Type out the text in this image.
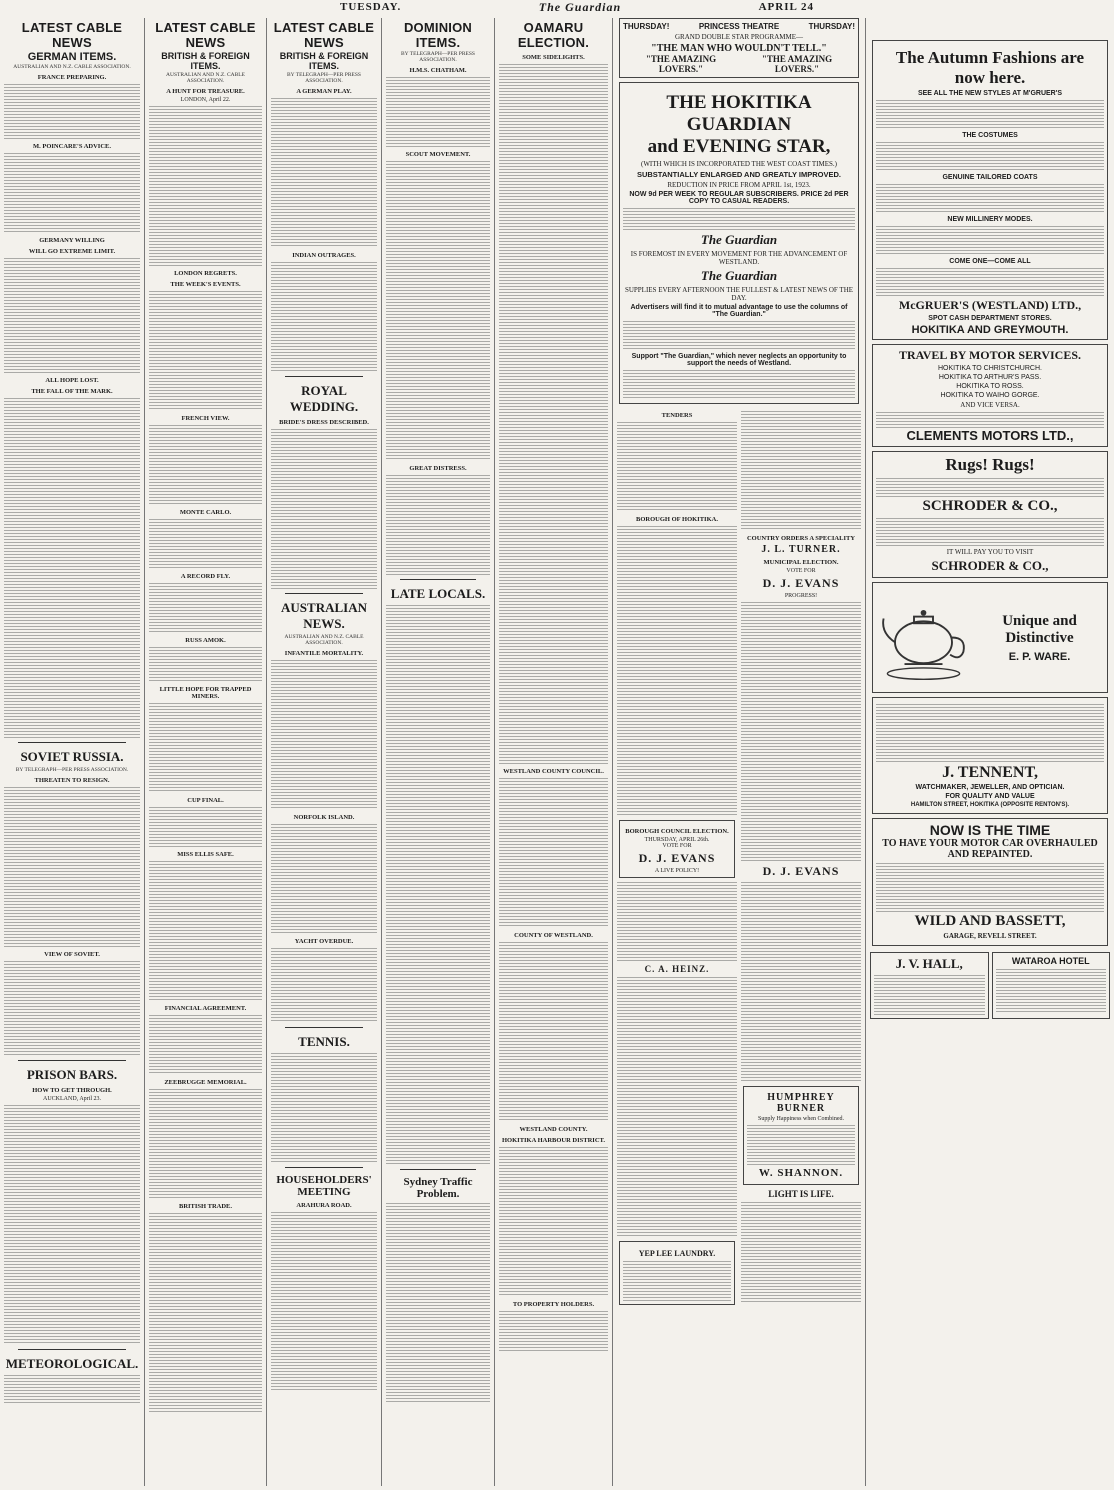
TUESDAY.	The Guardian	APRIL 24
LATEST CABLE NEWS
GERMAN ITEMS.
AUSTRALIAN AND N.Z. CABLE ASSOCIATION.
FRANCE PREPARING.
M. POINCARE'S ADVICE.
GERMANY WILLING
WILL GO EXTREME LIMIT.
ALL HOPE LOST.
THE FALL OF THE MARK.
SOVIET RUSSIA.
BY TELEGRAPH—PER PRESS ASSOCIATION.
THREATEN TO RESIGN.
VIEW OF SOVIET.
PRISON BARS.
HOW TO GET THROUGH.
AUCKLAND, April 23.
METEOROLOGICAL.
LATEST CABLE NEWS
BRITISH & FOREIGN ITEMS.
AUSTRALIAN AND N.Z. CABLE ASSOCIATION.
A HUNT FOR TREASURE.
LONDON, April 22.
LONDON REGRETS.
THE WEEK'S EVENTS.
FRENCH VIEW.
MONTE CARLO.
A RECORD FLY.
RUSS AMOK.
LITTLE HOPE FOR TRAPPED MINERS.
CUP FINAL.
MISS ELLIS SAFE.
FINANCIAL AGREEMENT.
ZEEBRUGGE MEMORIAL.
BRITISH TRADE.
LATEST CABLE NEWS
BRITISH & FOREIGN ITEMS.
BY TELEGRAPH—PER PRESS ASSOCIATION.
A GERMAN PLAY.
INDIAN OUTRAGES.
ROYAL WEDDING.
BRIDE'S DRESS DESCRIBED.
AUSTRALIAN NEWS.
AUSTRALIAN AND N.Z. CABLE ASSOCIATION.
INFANTILE MORTALITY.
NORFOLK ISLAND.
YACHT OVERDUE.
TENNIS.
HOUSEHOLDERS' MEETING
ARAHURA ROAD.
DOMINION ITEMS.
BY TELEGRAPH—PER PRESS ASSOCIATION.
H.M.S. CHATHAM.
SCOUT MOVEMENT.
GREAT DISTRESS.
LATE LOCALS.
Sydney Traffic Problem.
OAMARU ELECTION.
SOME SIDELIGHTS.
WESTLAND COUNTY COUNCIL.
COUNTY OF WESTLAND.
WESTLAND COUNTY.
HOKITIKA HARBOUR DISTRICT.
TO PROPERTY HOLDERS.
THURSDAY!	PRINCESS THEATRE	THURSDAY!
GRAND DOUBLE STAR PROGRAMME—
"THE MAN WHO WOULDN'T TELL."
"THE AMAZING LOVERS."
"THE AMAZING LOVERS."
THE HOKITIKA GUARDIAN
and EVENING STAR,
(WITH WHICH IS INCORPORATED THE WEST COAST TIMES.)
SUBSTANTIALLY ENLARGED AND GREATLY IMPROVED.
REDUCTION IN PRICE FROM APRIL 1st, 1923.
NOW 9d PER WEEK TO REGULAR SUBSCRIBERS. PRICE 2d PER COPY TO CASUAL READERS.
The Guardian
IS FOREMOST IN EVERY MOVEMENT FOR THE ADVANCEMENT OF WESTLAND.
The Guardian
SUPPLIES EVERY AFTERNOON THE FULLEST & LATEST NEWS OF THE DAY.
Advertisers will find it to mutual advantage to use the columns of "The Guardian."
Support "The Guardian," which never neglects an opportunity to support the needs of Westland.
TENDERS
BOROUGH OF HOKITIKA.
BOROUGH COUNCIL ELECTION.
THURSDAY, APRIL 26th.
VOTE FOR
D. J. EVANS
A LIVE POLICY!
C. A. HEINZ.
YEP LEE LAUNDRY.
COUNTRY ORDERS A SPECIALITY
J. L. TURNER.
MUNICIPAL ELECTION.
VOTE FOR
D. J. EVANS
PROGRESS!
D. J. EVANS
HUMPHREY BURNER
Supply Happiness when Combined.
W. SHANNON.
LIGHT IS LIFE.
The Autumn Fashions are
now here.
SEE ALL THE NEW STYLES AT M'GRUER'S
THE COSTUMES
GENUINE TAILORED COATS
NEW MILLINERY MODES.
COME ONE—COME ALL
McGRUER'S (WESTLAND) LTD.,
SPOT CASH DEPARTMENT STORES.
HOKITIKA AND GREYMOUTH.
TRAVEL BY MOTOR SERVICES.
HOKITIKA TO CHRISTCHURCH.
HOKITIKA TO ARTHUR'S PASS.
HOKITIKA TO ROSS.
HOKITIKA TO WAIHO GORGE.
AND VICE VERSA.
CLEMENTS MOTORS LTD.,
Rugs! Rugs!
SCHRODER & CO.,
IT WILL PAY YOU TO VISIT
SCHRODER & CO.,
Unique and Distinctive
E. P. WARE.
J. TENNENT,
WATCHMAKER, JEWELLER, AND OPTICIAN.
FOR QUALITY AND VALUE
HAMILTON STREET, HOKITIKA (OPPOSITE RENTON'S).
NOW IS THE TIME
TO HAVE YOUR MOTOR CAR OVERHAULED AND REPAINTED.
WILD AND BASSETT,
GARAGE, REVELL STREET.
J. V. HALL,	WATAROA HOTEL
